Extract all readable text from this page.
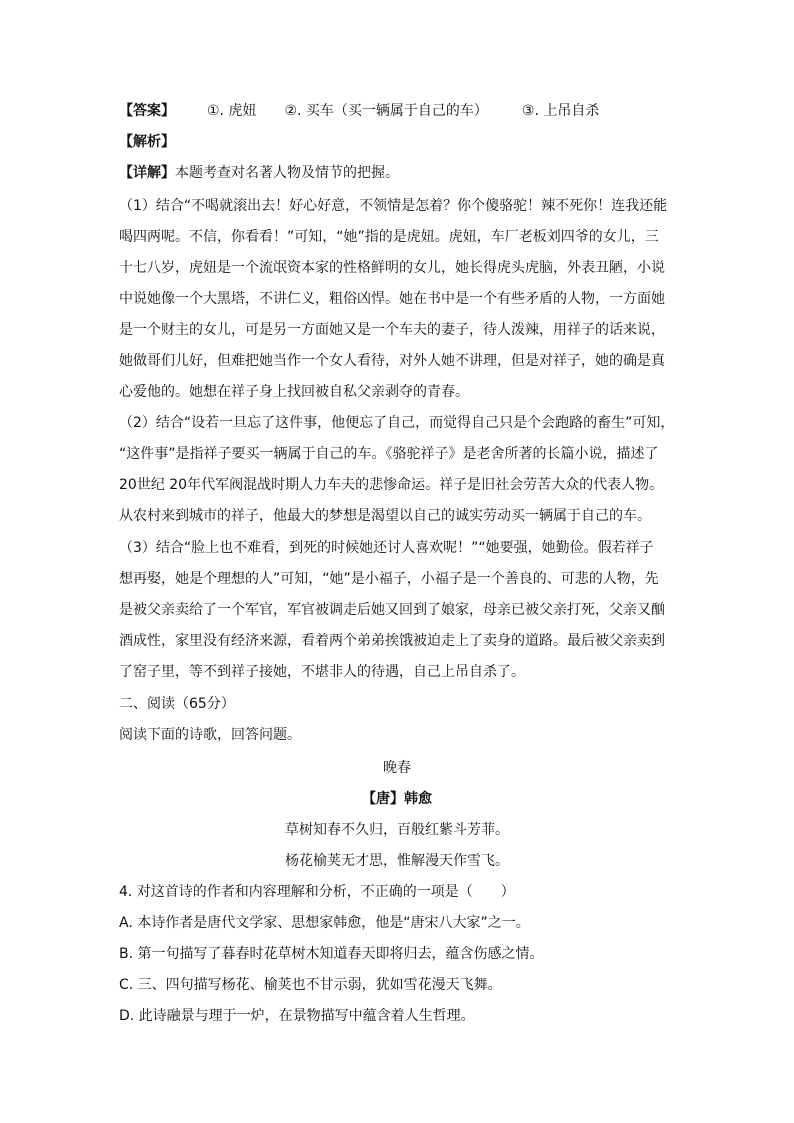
【答案】 ①. 虎妞 ②. 买车（买一辆属于自己的车） ③. 上吊自杀
【解析】
【详解】本题考查对名著人物及情节的把握。
（1）结合“不喝就滚出去！好心好意，不领情是怎着？你个傻骆驼！辣不死你！连我还能
喝四两呢。不信，你看看！”可知，“她”指的是虎妞。虎妞，车厂老板刘四爷的女儿，三
十七八岁，虎妞是一个流氓资本家的性格鲜明的女儿，她长得虎头虎脑，外表丑陋，小说
中说她像一个大黑塔，不讲仁义，粗俗凶悍。她在书中是一个有些矛盾的人物，一方面她
是一个财主的女儿，可是另一方面她又是一个车夫的妻子，待人泼辣，用祥子的话来说，
她做哥们儿好，但难把她当作一个女人看待，对外人她不讲理，但是对祥子，她的确是真
心爱他的。她想在祥子身上找回被自私父亲剥夺的青春。
（2）结合“设若一旦忘了这件事，他便忘了自己，而觉得自己只是个会跑路的畜生”可知，
“这件事”是指祥子要买一辆属于自己的车。《骆驼祥子》是老舍所著的长篇小说，描述了
20世纪 20年代军阀混战时期人力车夫的悲惨命运。祥子是旧社会劳苦大众的代表人物。
从农村来到城市的祥子，他最大的梦想是渴望以自己的诚实劳动买一辆属于自己的车。
（3）结合“脸上也不难看，到死的时候她还讨人喜欢呢！”“她要强，她勤俭。假若祥子
想再娶，她是个理想的人”可知，“她”是小福子，小福子是一个善良的、可悲的人物，先
是被父亲卖给了一个军官，军官被调走后她又回到了娘家，母亲已被父亲打死，父亲又酗
酒成性，家里没有经济来源，看着两个弟弟挨饿被迫走上了卖身的道路。最后被父亲卖到
了窑子里，等不到祥子接她，不堪非人的待遇，自己上吊自杀了。
二、阅读（65分）
阅读下面的诗歌，回答问题。
晚春
【唐】韩愈
草树知春不久归，百般红紫斗芳菲。
杨花榆荚无才思，惟解漫天作雪飞。
4. 对这首诗的作者和内容理解和分析，不正确的一项是（　　）
A. 本诗作者是唐代文学家、思想家韩愈，他是“唐宋八大家”之一。
B. 第一句描写了暮春时花草树木知道春天即将归去，蕴含伤感之情。
C. 三、四句描写杨花、榆荚也不甘示弱，犹如雪花漫天飞舞。
D. 此诗融景与理于一炉，在景物描写中蕴含着人生哲理。
